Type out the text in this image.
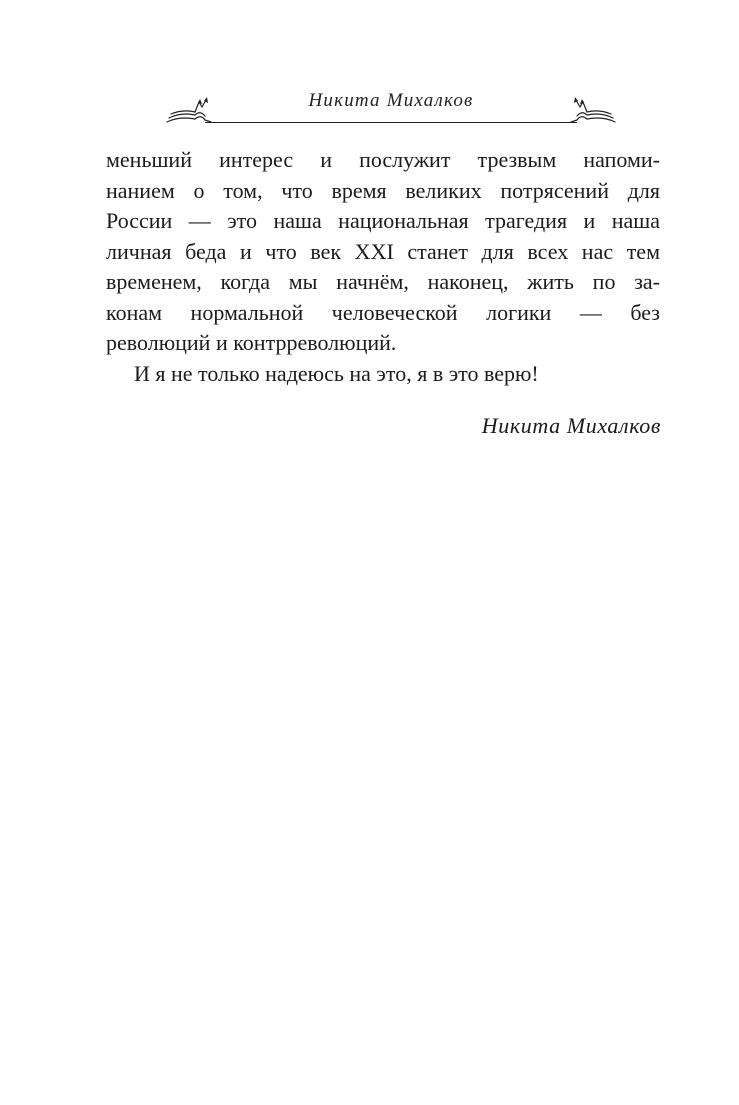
Никита Михалков

меньший интерес и послужит трезвым напоми-
нанием о том, что время великих потрясений для
России — это наша национальная трагедия и наша
личная беда и что век XXI станет для всех нас тем
временем, когда мы начнём, наконец, жить по за-
конам нормальной человеческой логики — без
революций и контрреволюций.

И я не только надеюсь на это, я в это верю!

Никита Михалков
